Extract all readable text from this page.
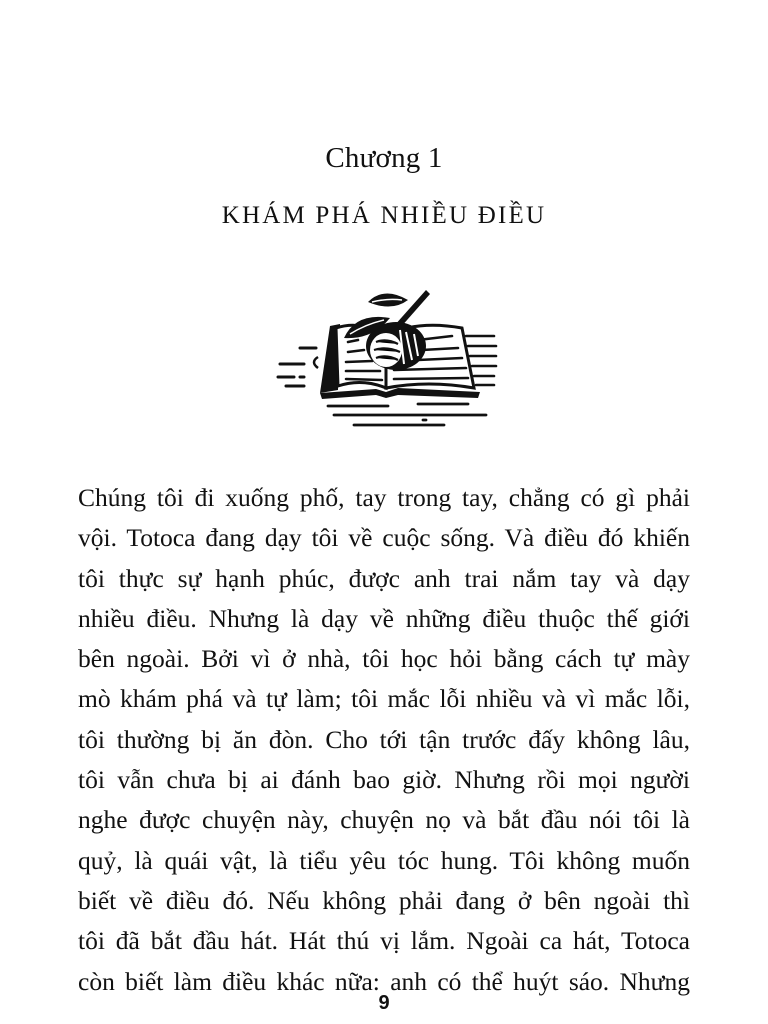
Chương 1
KHÁM PHÁ NHIỀU ĐIỀU
Chúng tôi đi xuống phố, tay trong tay, chẳng có gì phải
vội. Totoca đang dạy tôi về cuộc sống. Và điều đó khiến
tôi thực sự hạnh phúc, được anh trai nắm tay và dạy
nhiều điều. Nhưng là dạy về những điều thuộc thế giới
bên ngoài. Bởi vì ở nhà, tôi học hỏi bằng cách tự mày
mò khám phá và tự làm; tôi mắc lỗi nhiều và vì mắc lỗi,
tôi thường bị ăn đòn. Cho tới tận trước đấy không lâu,
tôi vẫn chưa bị ai đánh bao giờ. Nhưng rồi mọi người
nghe được chuyện này, chuyện nọ và bắt đầu nói tôi là
quỷ, là quái vật, là tiểu yêu tóc hung. Tôi không muốn
biết về điều đó. Nếu không phải đang ở bên ngoài thì
tôi đã bắt đầu hát. Hát thú vị lắm. Ngoài ca hát, Totoca
còn biết làm điều khác nữa: anh có thể huýt sáo. Nhưng
9
